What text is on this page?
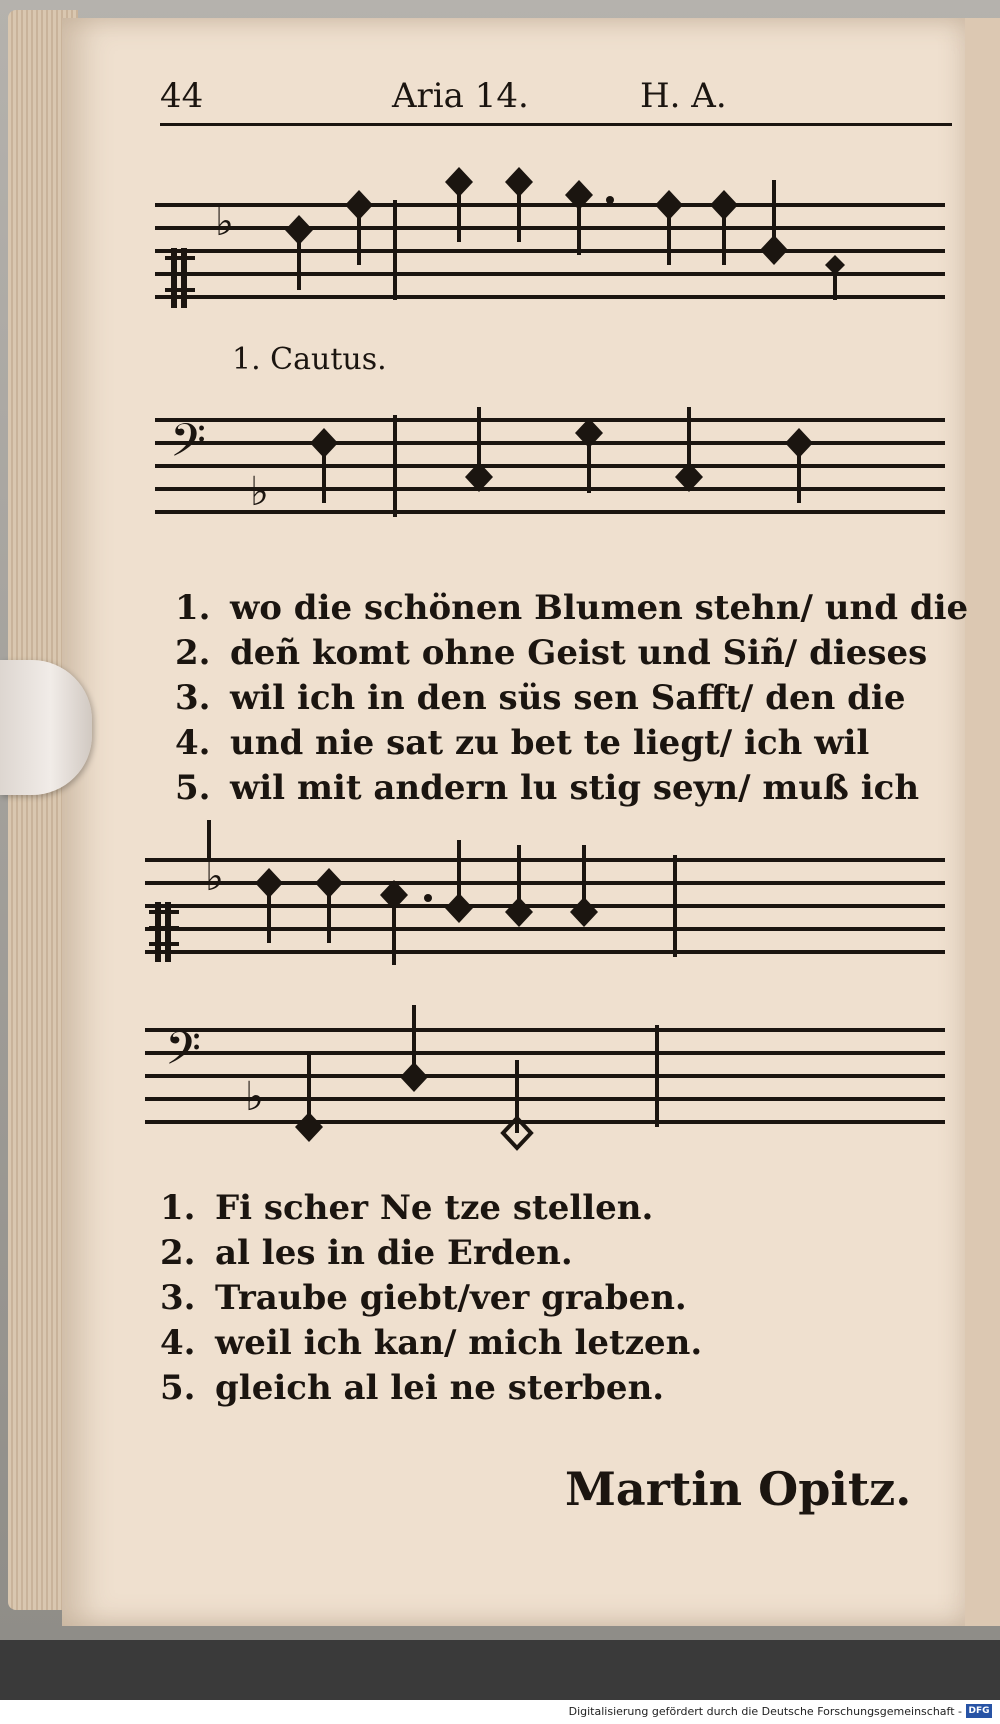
44	Aria 14.	H. A.
♭
1. Cautus.
𝄢
♭
1. wo die schönen Blumen stehn/ und die
2. deñ komt ohne Geist und Siñ/ dieses
3. wil ich in den süs sen Safft/ den die
4. und nie sat zu bet te liegt/ ich wil
5. wil mit andern lu stig seyn/ muß ich
♭
𝄢
♭
1. Fi scher Ne tze stellen.
2. al les in die Erden.
3. Traube giebt/ver graben.
4. weil ich kan/ mich letzen.
5. gleich al lei ne sterben.
Martin Opitz.
Digitalisierung gefördert durch die Deutsche Forschungsgemeinschaft - DFG
